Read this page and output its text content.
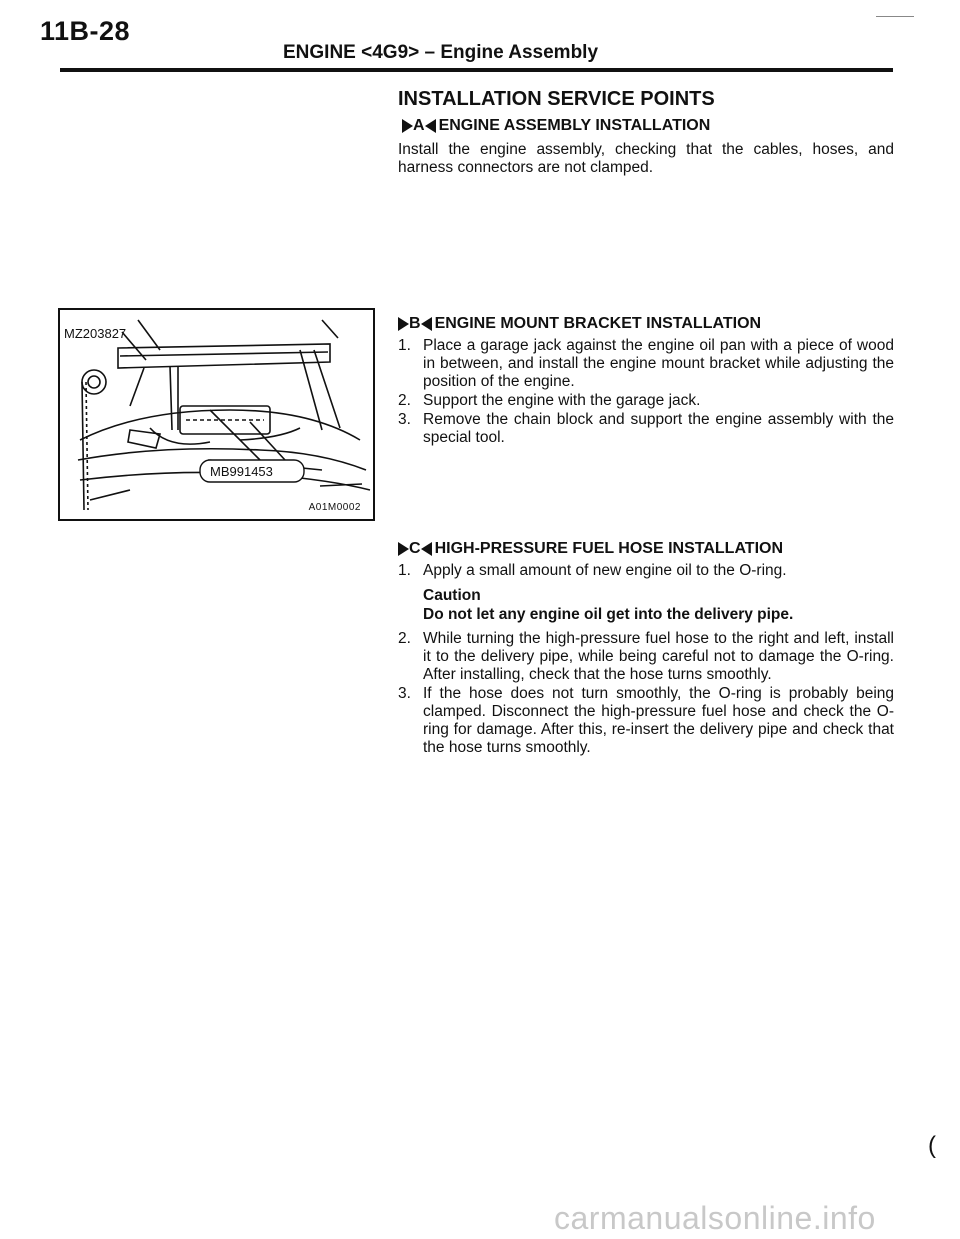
11B-28
ENGINE <4G9> – Engine Assembly
INSTALLATION SERVICE POINTS
A ENGINE ASSEMBLY INSTALLATION

Install the engine assembly, checking that the cables, hoses, and harness connectors are not clamped.

B ENGINE MOUNT BRACKET INSTALLATION
1. Place a garage jack against the engine oil pan with a piece of wood in between, and install the engine mount bracket while adjusting the position of the engine.
2. Support the engine with the garage jack.
3. Remove the chain block and support the engine assembly with the special tool.
C HIGH-PRESSURE FUEL HOSE INSTALLATION
1. Apply a small amount of new engine oil to the O-ring.
Caution
Do not let any engine oil get into the delivery pipe.
2. While turning the high-pressure fuel hose to the right and left, install it to the delivery pipe, while being careful not to damage the O-ring. After installing, check that the hose turns smoothly.
3. If the hose does not turn smoothly, the O-ring is probably being clamped. Disconnect the high-pressure fuel hose and check the O-ring for damage. After this, re-insert the delivery pipe and check that the hose turns smoothly.
MZ203827
MB991453
A01M0002
(
carmanualsonline.info
